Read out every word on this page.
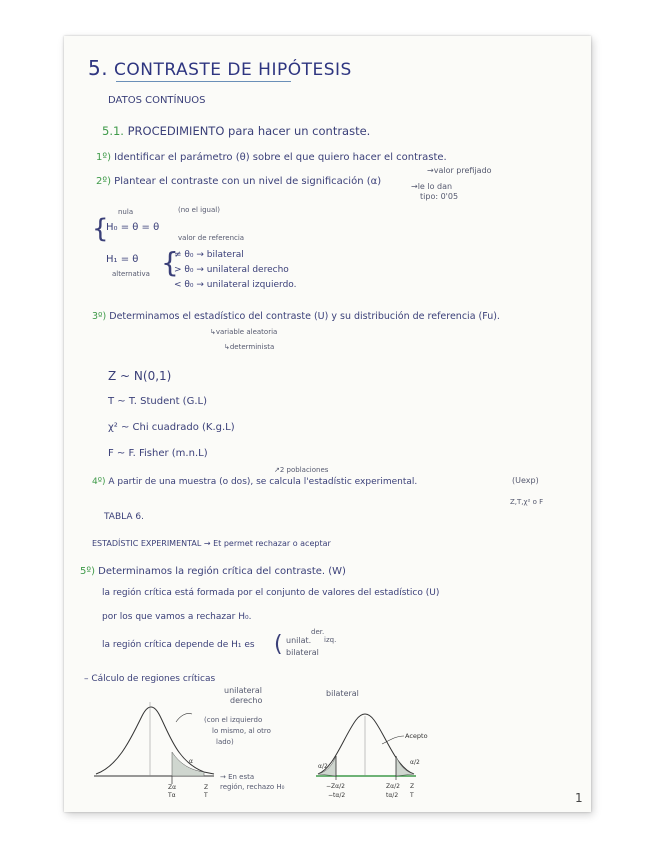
5. CONTRASTE DE HIPÓTESIS
DATOS CONTÍNUOS
5.1. PROCEDIMIENTO para hacer un contraste.
1º) Identificar el parámetro (θ) sobre el que quiero hacer el contraste.
2º) Plantear el contraste con un nivel de significación (α)
→valor prefijado
→le lo dan
tipo: 0'05
nula	(no el igual)
{
H₀ = θ = θ
valor de referencia
H₁ = θ
alternativa {
≠ θ₀ → bilateral
> θ₀ → unilateral derecho
< θ₀ → unilateral izquierdo.
3º) Determinamos el estadístico del contraste (U) y su distribución de referencia (Fu).
↳variable aleatoria
↳determinista
Z ~ N(0,1)
T ~ T. Student (G.L)
χ² ~ Chi cuadrado (K.g.L)
F ~ F. Fisher (m.n.L)
↗2 poblaciones
4º) A partir de una muestra (o dos), se calcula l'estadístic experimental.	(Uexp)
Z,T,χ² o F
TABLA 6.
ESTADÍSTIC EXPERIMENTAL → Et permet rechazar o aceptar
5º) Determinamos la región crítica del contraste. (W)
la región crítica está formada por el conjunto de valores del estadístico (U)
por los que vamos a rechazar H₀.
la región crítica depende de H₁ es ( unilat.
bilateral
der.
izq.
– Cálculo de regiones críticas
unilateral
derecho
bilateral
(con el izquierdo
lo mismo, al otro
lado)
→ En esta
región, rechazo H₀
α
Zα
Tα
Z
T
Acepto
α/2
α/2
−Zα/2
−tα/2
Zα/2
tα/2
Z
T	1
